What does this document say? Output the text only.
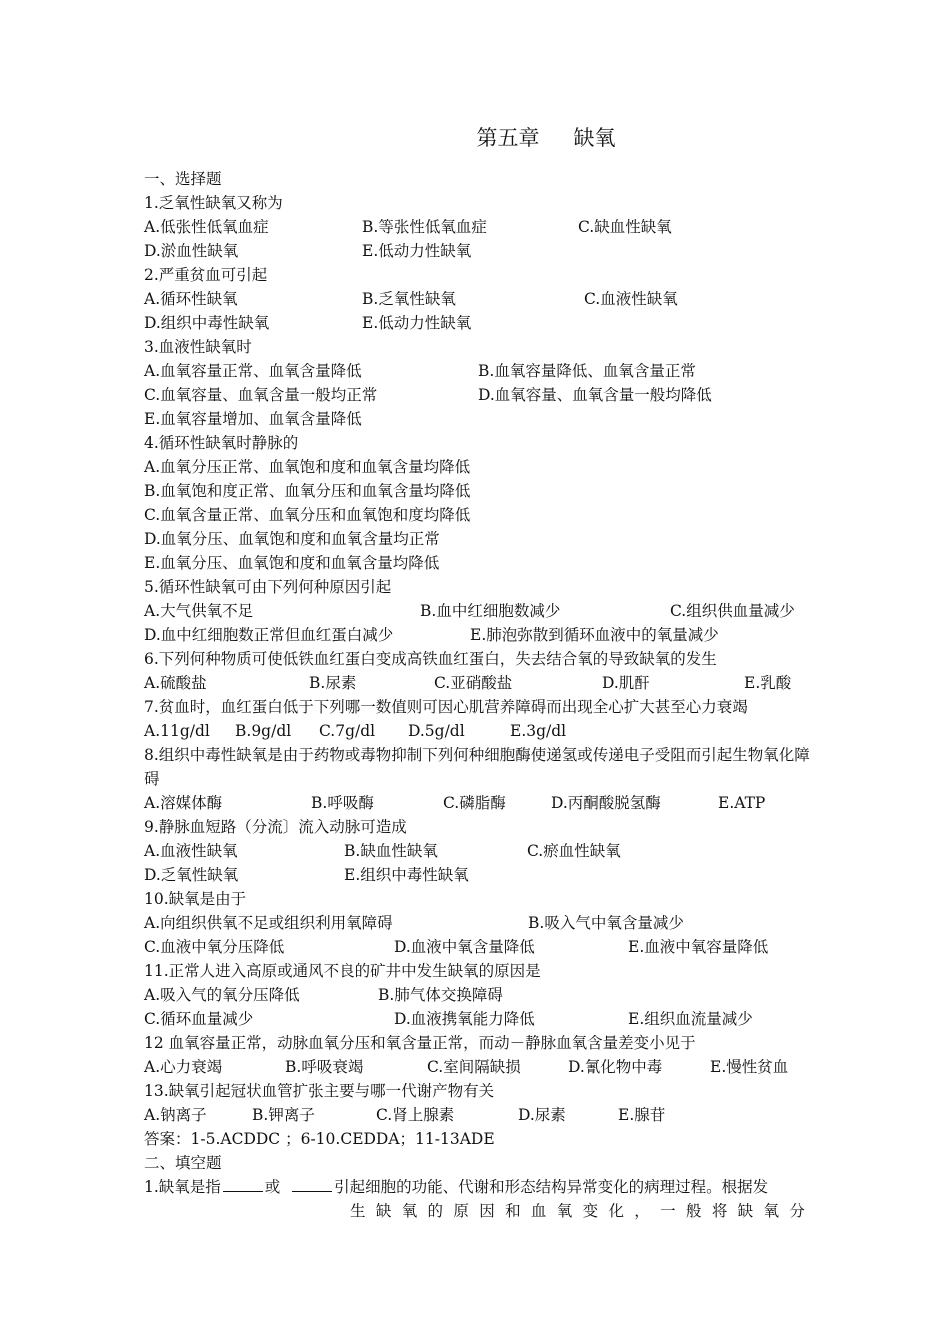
第五章 缺氧
一、选择题
1.乏氧性缺氧又称为
A.低张性低氧血症	B.等张性低氧血症	C.缺血性缺氧
D.淤血性缺氧	E.低动力性缺氧
2.严重贫血可引起
A.循环性缺氧	B.乏氧性缺氧	C.血液性缺氧
D.组织中毒性缺氧	E.低动力性缺氧
3.血液性缺氧时
A.血氧容量正常、血氧含量降低	B.血氧容量降低、血氧含量正常
C.血氧容量、血氧含量一般均正常	D.血氧容量、血氧含量一般均降低
E.血氧容量增加、血氧含量降低
4.循环性缺氧时静脉的
A.血氧分压正常、血氧饱和度和血氧含量均降低
B.血氧饱和度正常、血氧分压和血氧含量均降低
C.血氧含量正常、血氧分压和血氧饱和度均降低
D.血氧分压、血氧饱和度和血氧含量均正常
E.血氧分压、血氧饱和度和血氧含量均降低
5.循环性缺氧可由下列何种原因引起
A.大气供氧不足	B.血中红细胞数减少	C.组织供血量减少
D.血中红细胞数正常但血红蛋白减少	E.肺泡弥散到循环血液中的氧量减少
6.下列何种物质可使低铁血红蛋白变成高铁血红蛋白，失去结合氧的导致缺氧的发生
A.硫酸盐	B.尿素	C.亚硝酸盐	D.肌酐	E.乳酸
7.贫血时，血红蛋白低于下列哪一数值则可因心肌营养障碍而出现全心扩大甚至心力衰竭
A.11g/dl B.9g/dl C.7g/dl D.5g/dl	E.3g/dl
8.组织中毒性缺氧是由于药物或毒物抑制下列何种细胞酶使递氢或传递电子受阻而引起生物氧化障碍
A.溶媒体酶	B.呼吸酶	C.磷脂酶	D.丙酮酸脱氢酶	E.ATP
9.静脉血短路（分流〕流入动脉可造成
A.血液性缺氧	B.缺血性缺氧	C.瘀血性缺氧
D.乏氧性缺氧	E.组织中毒性缺氧
10.缺氧是由于
A.向组织供氧不足或组织利用氧障碍	B.吸入气中氧含量减少
C.血液中氧分压降低	D.血液中氧含量降低	E.血液中氧容量降低
11.正常人进入高原或通风不良的矿井中发生缺氧的原因是
A.吸入气的氧分压降低	B.肺气体交换障碍
C.循环血量减少	D.血液携氧能力降低	E.组织血流量减少
12 血氧容量正常，动脉血氧分压和氧含量正常，而动－静脉血氧含量差变小见于
A.心力衰竭	B.呼吸衰竭	C.室间隔缺损	D.氰化物中毒	E.慢性贫血
13.缺氧引起冠状血管扩张主要与哪一代谢产物有关
A.钠离子	B.钾离子	C.肾上腺素	D.尿素	E.腺苷
答案：1-5.ACDDC ；6-10.CEDDA；11-13ADE
二、填空题
1.缺氧是指	或	引起细胞的功能、代谢和形态结构异常变化的病理过程。根据发
生 缺 氧 的 原 因 和 血 氧 变 化 ， 一 般 将 缺 氧 分
